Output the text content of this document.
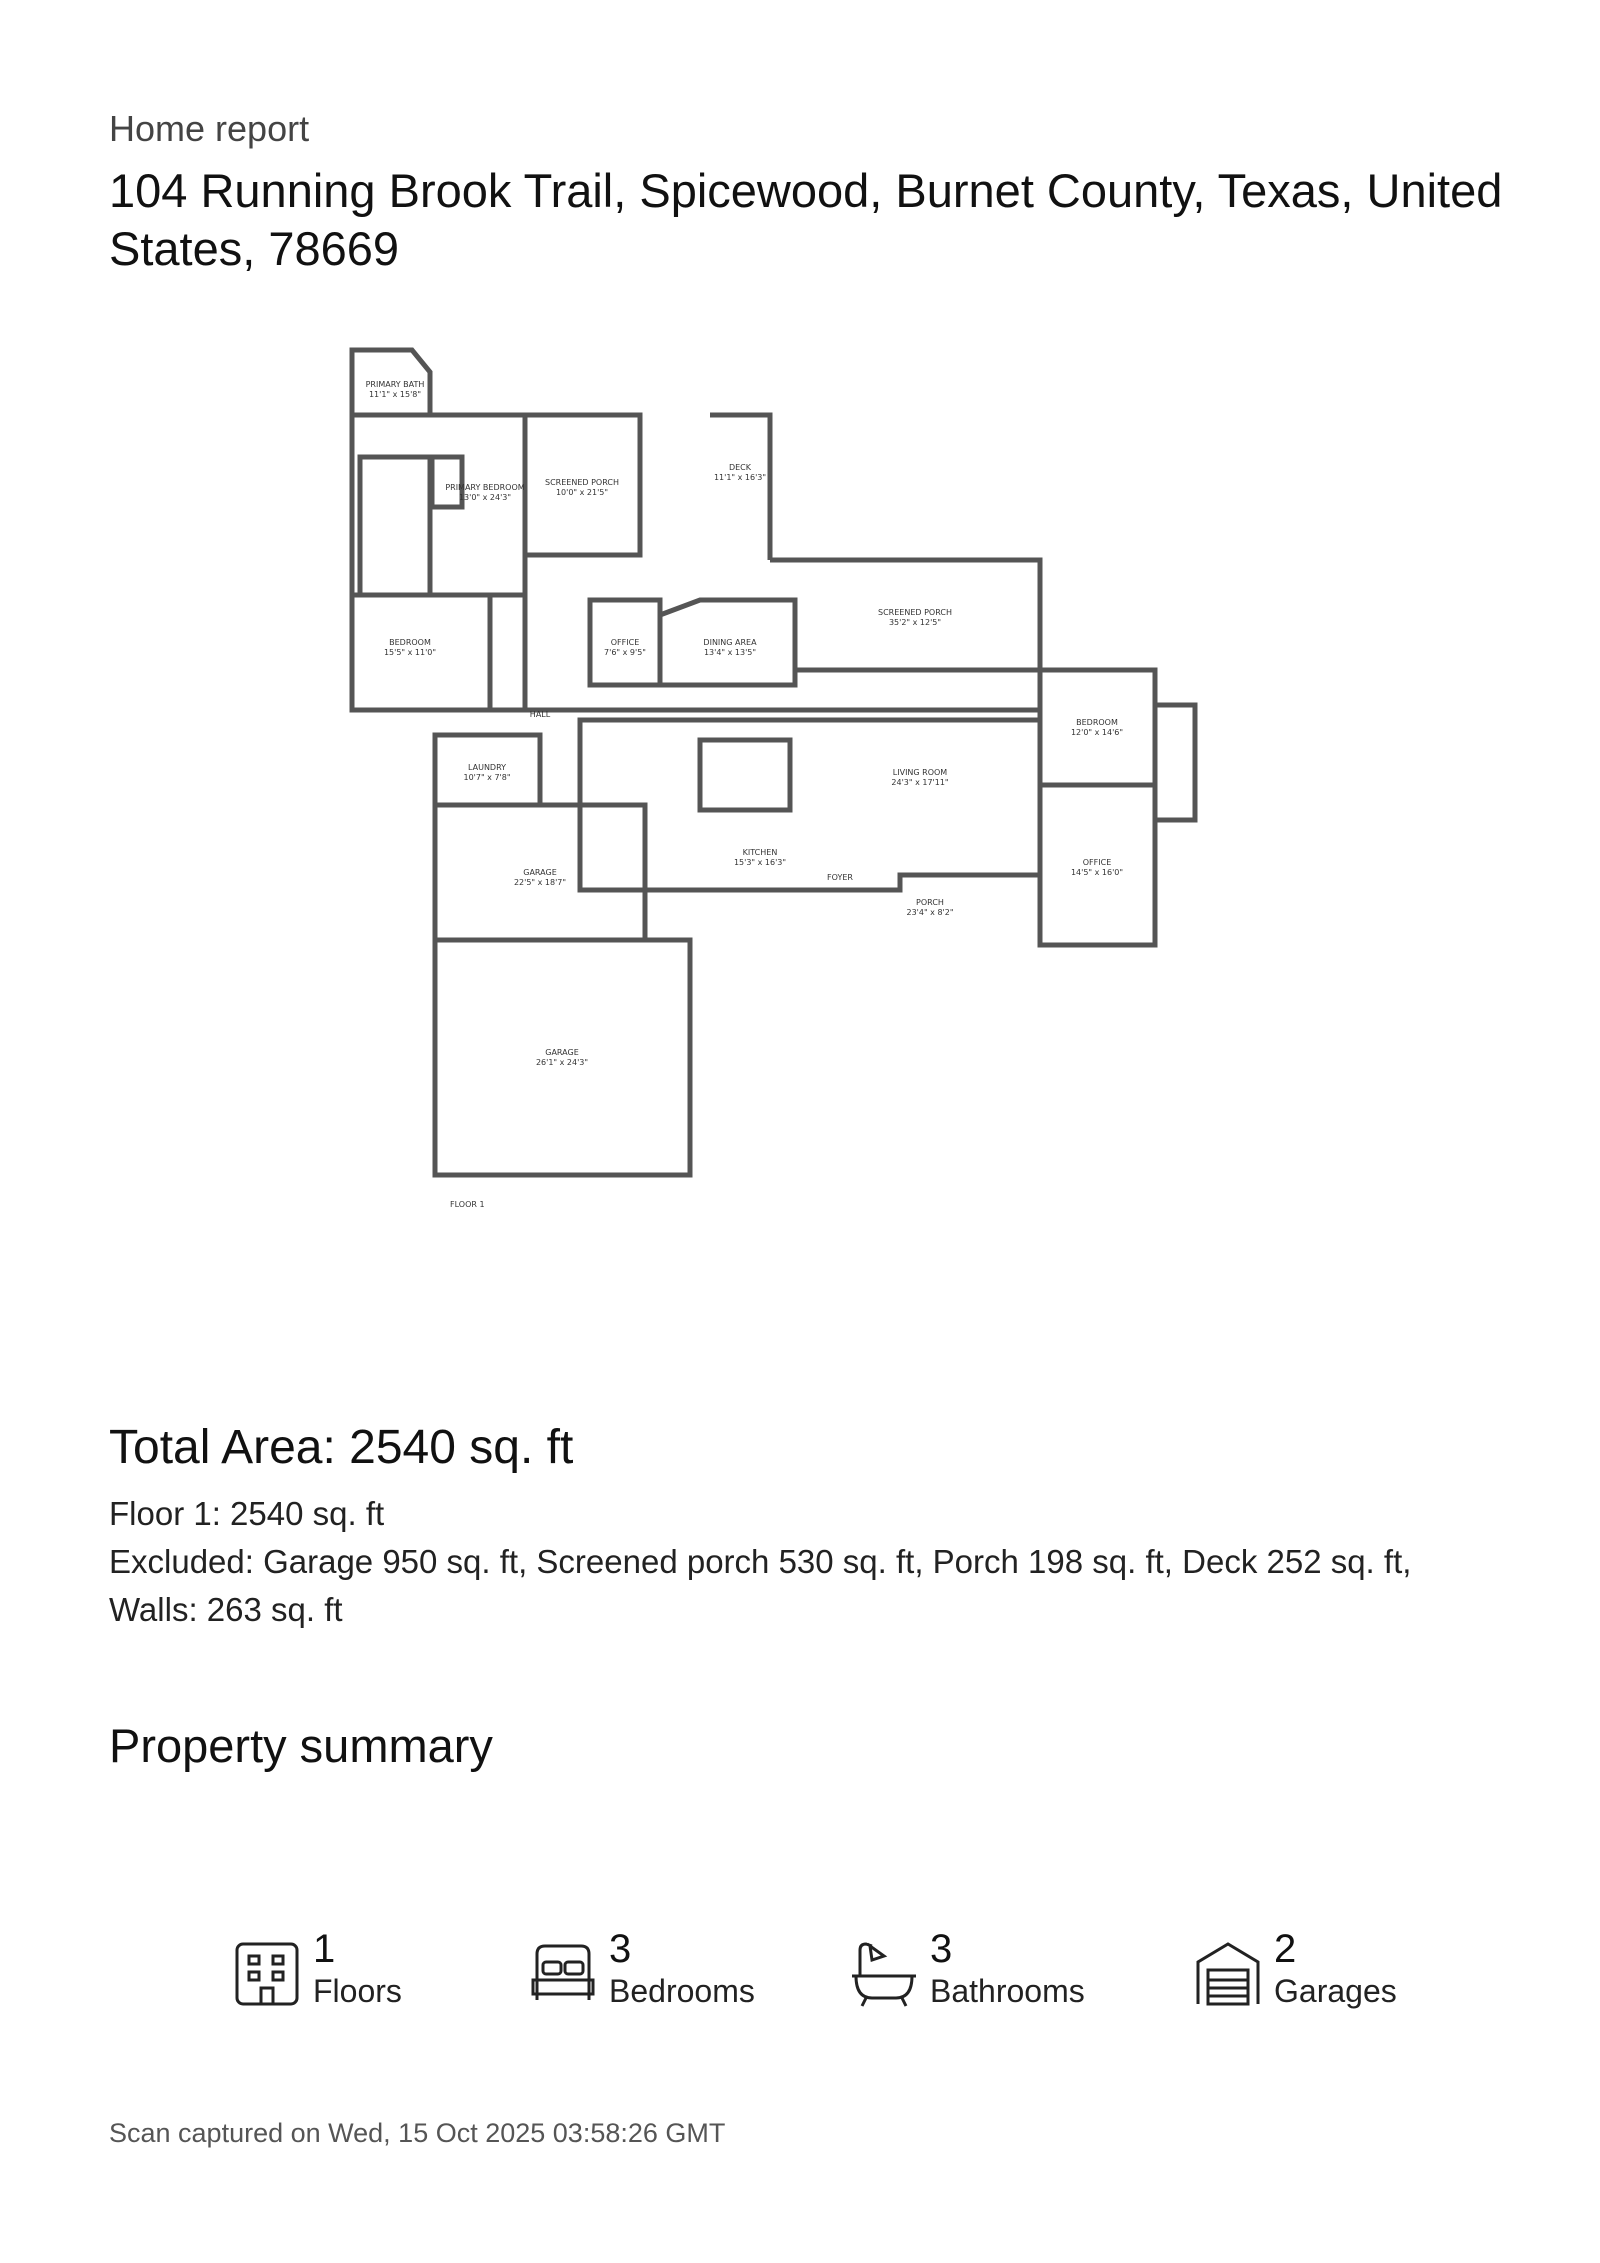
Home report
104 Running Brook Trail, Spicewood, Burnet County, Texas, United States, 78669
PRIMARY BATH
11'1" x 15'8"
PRIMARY BEDROOM
13'0" x 24'3"
SCREENED PORCH
10'0" x 21'5"
DECK
11'1" x 16'3"
BEDROOM
15'5" x 11'0"
OFFICE
7'6" x 9'5"
DINING AREA
13'4" x 13'5"
SCREENED PORCH
35'2" x 12'5"
HALL
LAUNDRY
10'7" x 7'8"
LIVING ROOM
24'3" x 17'11"
BEDROOM
12'0" x 14'6"
KITCHEN
15'3" x 16'3"
FOYER
PORCH
23'4" x 8'2"
OFFICE
14'5" x 16'0"
GARAGE
22'5" x 18'7"
GARAGE
26'1" x 24'3"
FLOOR 1
Total Area: 2540 sq. ft
Floor 1: 2540 sq. ft
Excluded: Garage 950 sq. ft, Screened porch 530 sq. ft, Porch 198 sq. ft, Deck 252 sq. ft,
Walls: 263 sq. ft
Property summary
1
Floors
3
Bedrooms
3
Bathrooms
2
Garages
Scan captured on Wed, 15 Oct 2025 03:58:26 GMT
